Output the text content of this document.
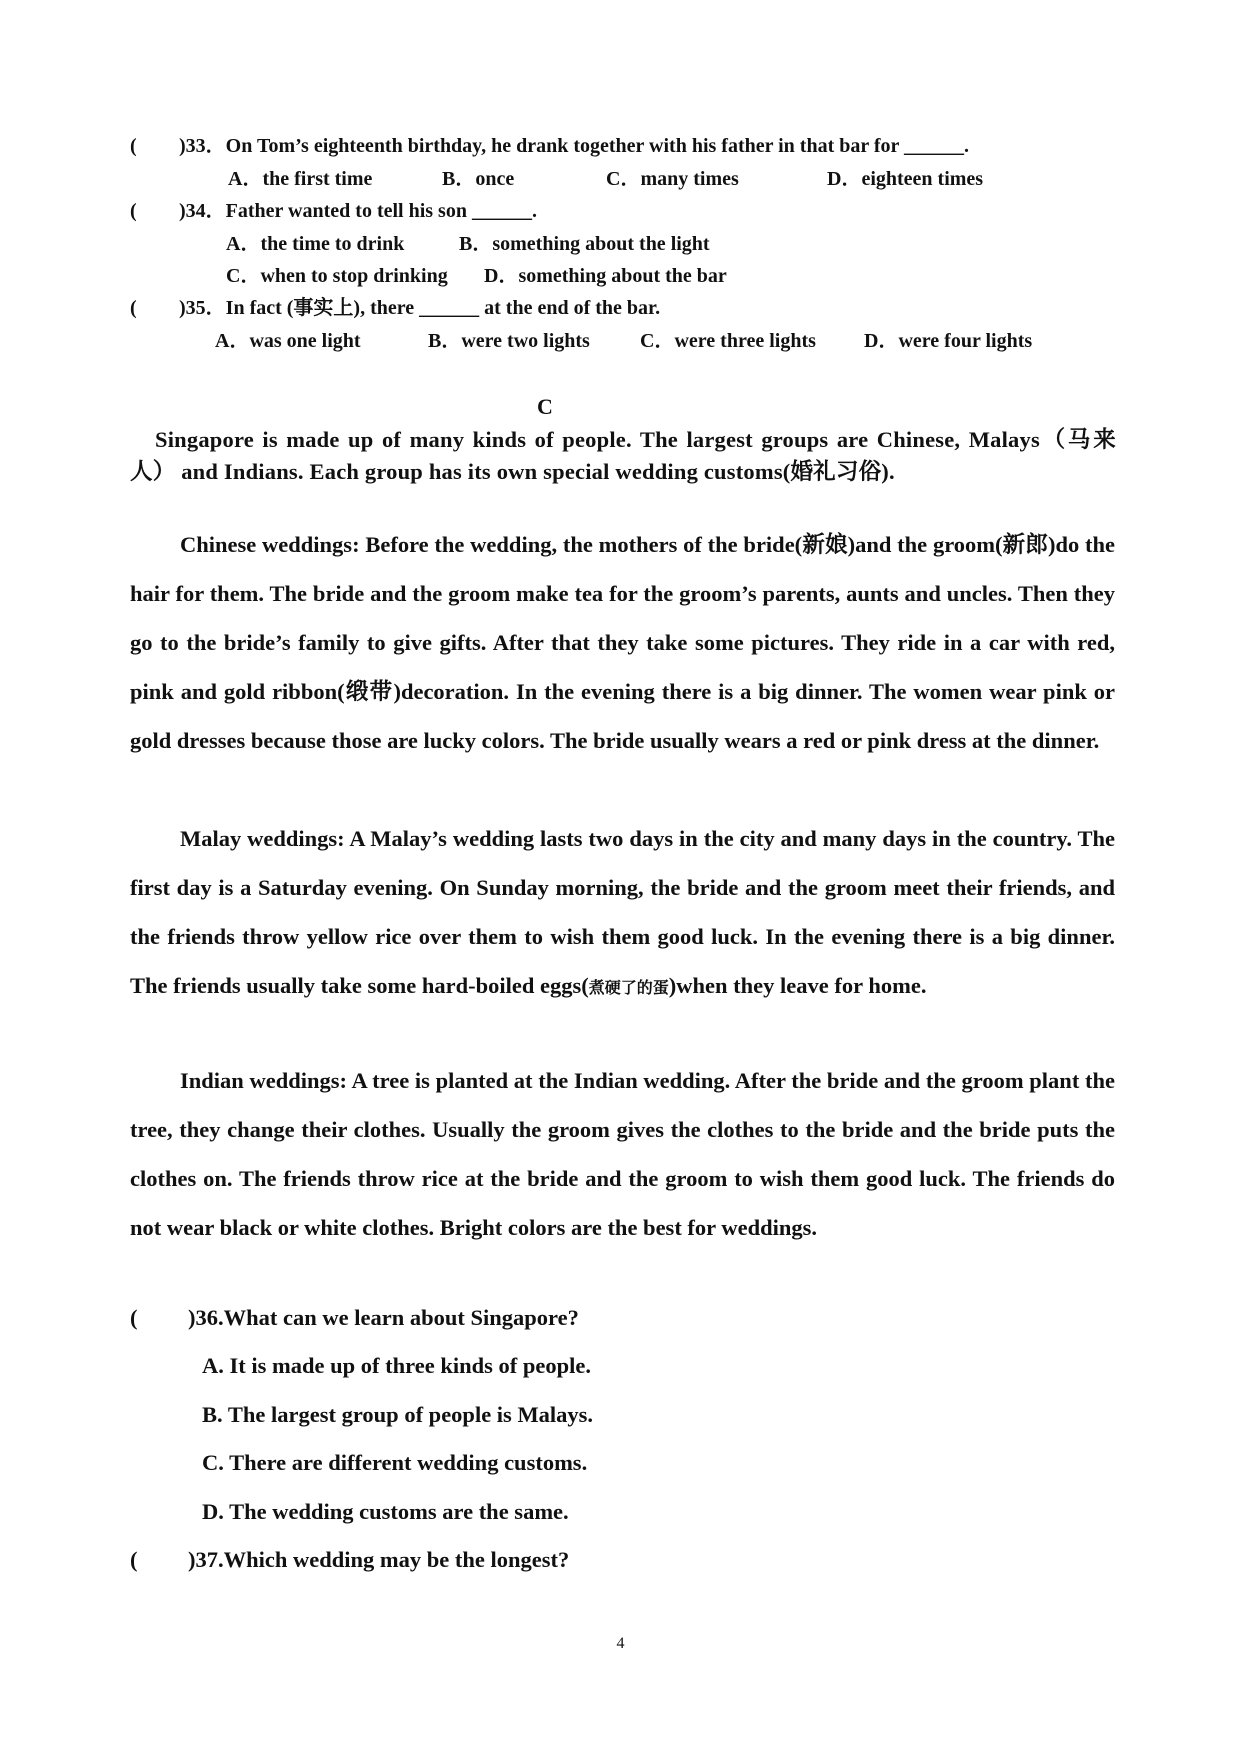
( )33．On Tom’s eighteenth birthday, he drank together with his father in that bar for ______.
A．the first time	B．once	C．many times	D．eighteen times
( )34．Father wanted to tell his son ______.
A．the time to drink	B．something about the light
C．when to stop drinking D．something about the bar
( )35．In fact (事实上), there ______ at the end of the bar.
A．was one light	B．were two lights	C．were three lights D．were four lights
C
Singapore is made up of many kinds of people. The largest groups are Chinese, Malays（马来人） and Indians. Each group has its own special wedding customs(婚礼习俗).
Chinese weddings: Before the wedding, the mothers of the bride(新娘)and the groom(新郎)do the hair for them. The bride and the groom make tea for the groom’s parents, aunts and uncles. Then they go to the bride’s family to give gifts. After that they take some pictures. They ride in a car with red, pink and gold ribbon(缎带)decoration. In the evening there is a big dinner. The women wear pink or gold dresses because those are lucky colors. The bride usually wears a red or pink dress at the dinner.
Malay weddings: A Malay’s wedding lasts two days in the city and many days in the country. The first day is a Saturday evening. On Sunday morning, the bride and the groom meet their friends, and the friends throw yellow rice over them to wish them good luck. In the evening there is a big dinner. The friends usually take some hard-boiled eggs(煮硬了的蛋)when they leave for home.
Indian weddings: A tree is planted at the Indian wedding. After the bride and the groom plant the tree, they change their clothes. Usually the groom gives the clothes to the bride and the bride puts the clothes on. The friends throw rice at the bride and the groom to wish them good luck. The friends do not wear black or white clothes. Bright colors are the best for weddings.
( )36.What can we learn about Singapore?
A. It is made up of three kinds of people.
B. The largest group of people is Malays.
C. There are different wedding customs.
D. The wedding customs are the same.
( )37.Which wedding may be the longest?
4
